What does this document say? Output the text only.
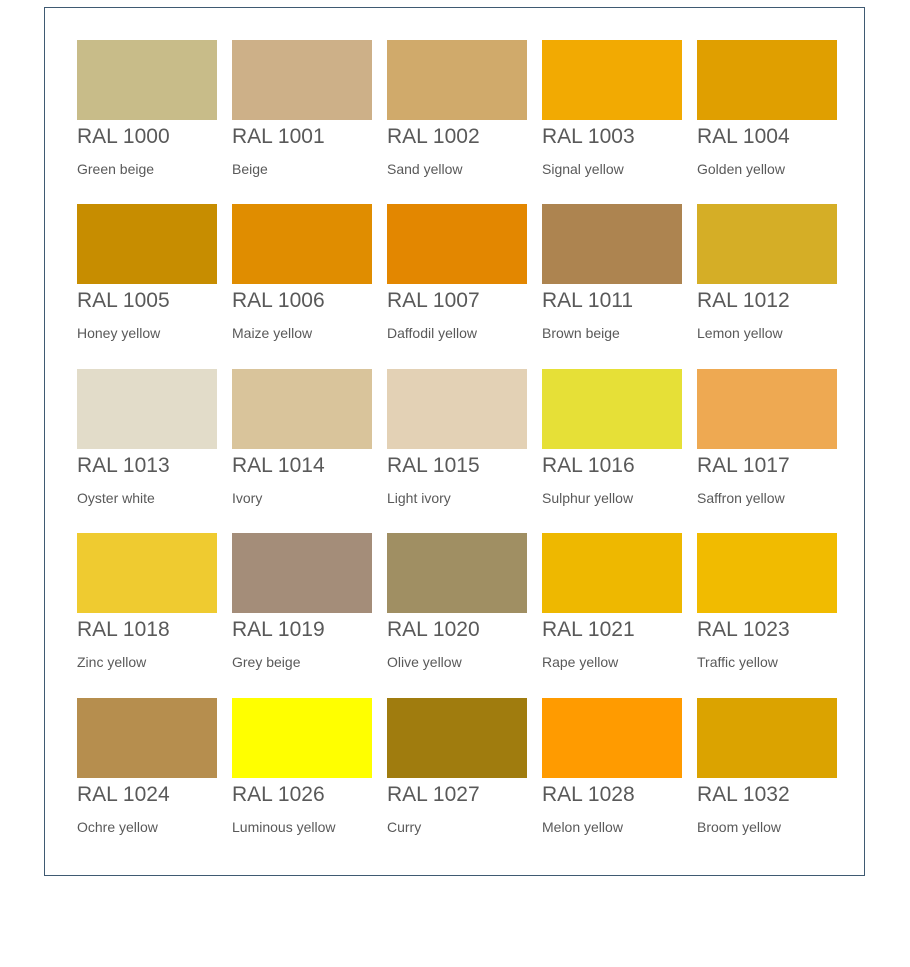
RAL 1000
Green beige
RAL 1001
Beige
RAL 1002
Sand yellow
RAL 1003
Signal yellow
RAL 1004
Golden yellow
RAL 1005
Honey yellow
RAL 1006
Maize yellow
RAL 1007
Daffodil yellow
RAL 1011
Brown beige
RAL 1012
Lemon yellow
RAL 1013
Oyster white
RAL 1014
Ivory
RAL 1015
Light ivory
RAL 1016
Sulphur yellow
RAL 1017
Saffron yellow
RAL 1018
Zinc yellow
RAL 1019
Grey beige
RAL 1020
Olive yellow
RAL 1021
Rape yellow
RAL 1023
Traffic yellow
RAL 1024
Ochre yellow
RAL 1026
Luminous yellow
RAL 1027
Curry
RAL 1028
Melon yellow
RAL 1032
Broom yellow
